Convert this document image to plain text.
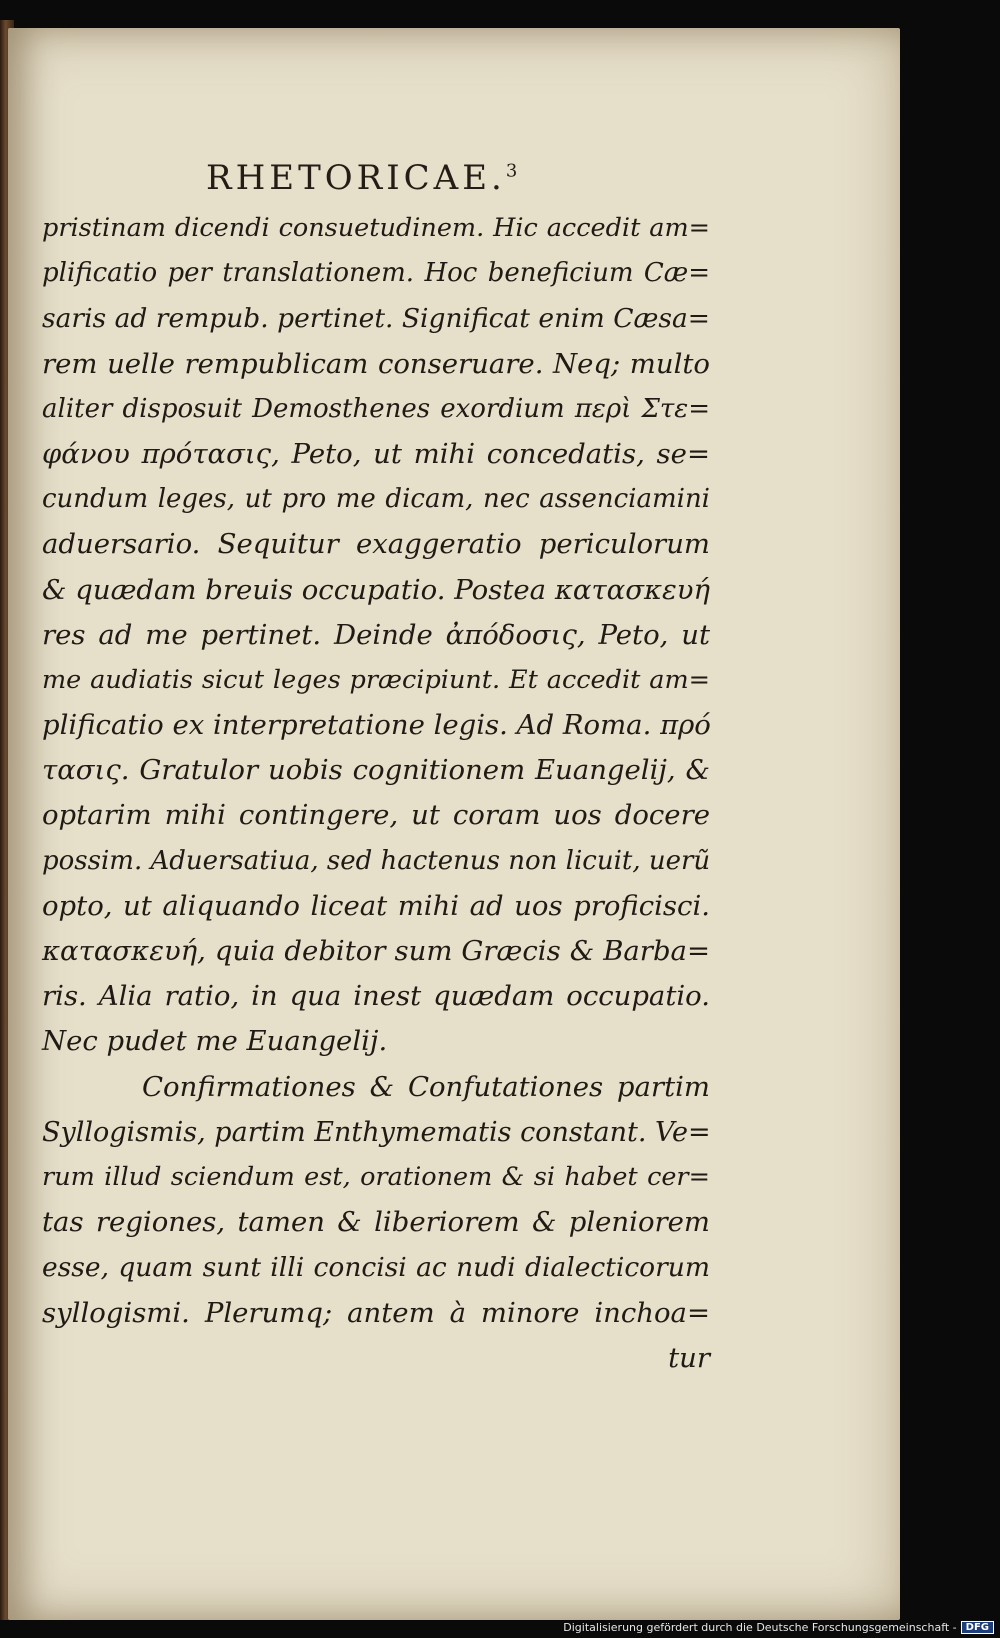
RHETORICAE.$^3$
pristinam dicendi consuetudinem. Hic accedit am=
plificatio per translationem. Hoc beneficium Cæ=
saris ad rempub. pertinet. Significat enim Cæsa=
rem uelle rempublicam conseruare. Neq; multo
aliter disposuit Demosthenes exordium περὶ Στε=
φάνου πρότασις, Peto, ut mihi concedatis, se=
cundum leges, ut pro me dicam, nec assenciamini
aduersario. Sequitur exaggeratio periculorum
& quædam breuis occupatio. Postea κατασκευή
res ad me pertinet. Deinde ἀπόδοσις, Peto, ut
me audiatis sicut leges præcipiunt. Et accedit am=
plificatio ex interpretatione legis. Ad Roma. πρό
τασις. Gratulor uobis cognitionem Euangelij, &
optarim mihi contingere, ut coram uos docere
possim. Aduersatiua, sed hactenus non licuit, uerũ
opto, ut aliquando liceat mihi ad uos proficisci.
κατασκευή, quia debitor sum Græcis & Barba=
ris. Alia ratio, in qua inest quædam occupatio.
Nec pudet me Euangelij.
Confirmationes & Confutationes partim
Syllogismis, partim Enthymematis constant. Ve=
rum illud sciendum est, orationem & si habet cer=
tas regiones, tamen & liberiorem & pleniorem
esse, quam sunt illi concisi ac nudi dialecticorum
syllogismi. Plerumq; antem à minore inchoa=
tur
Digitalisierung gefördert durch die Deutsche Forschungsgemeinschaft - DFG
